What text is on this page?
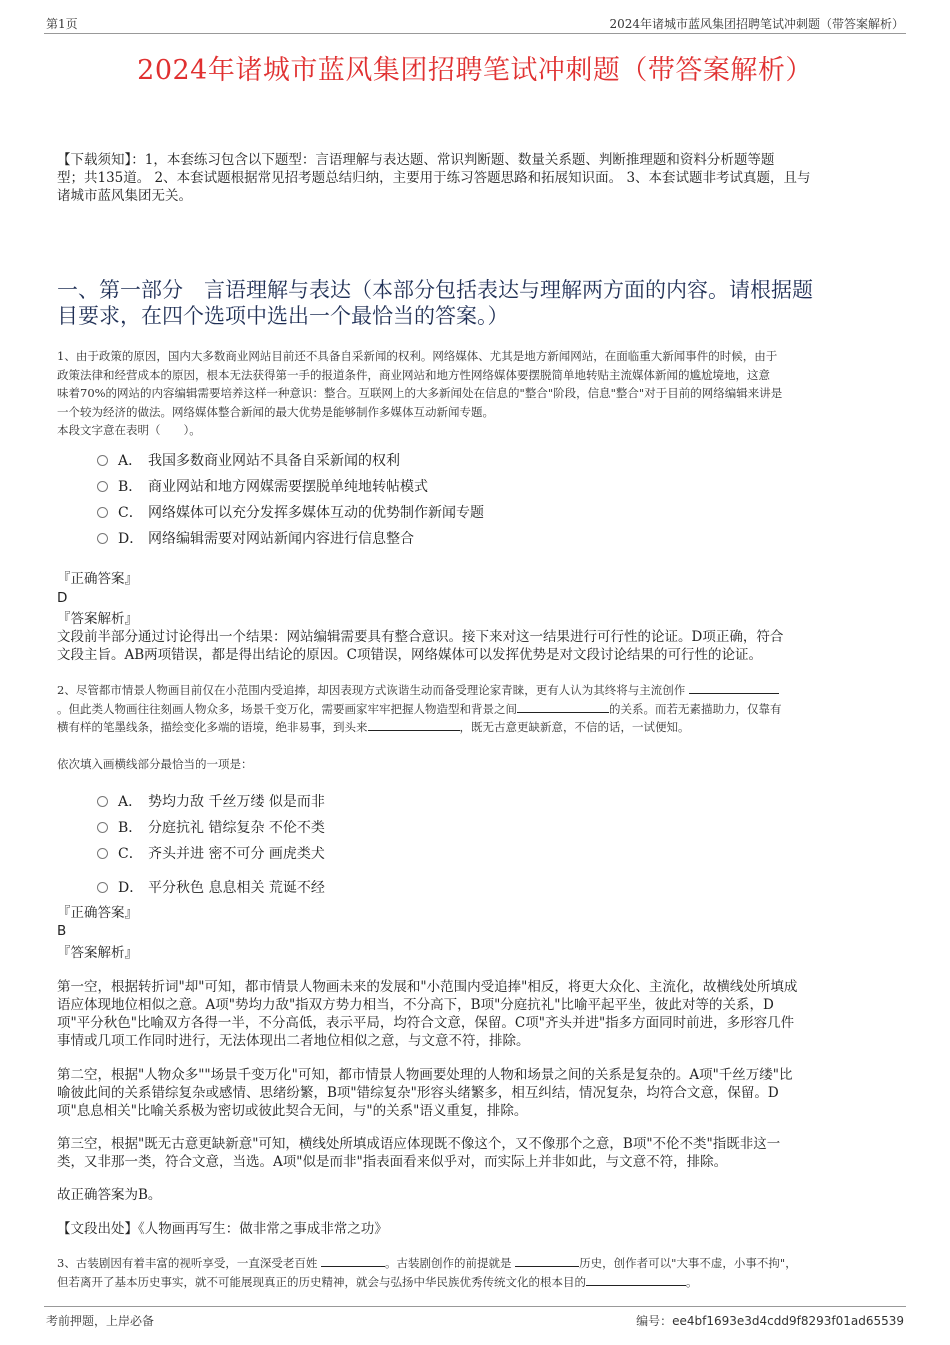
第1页	2024年诸城市蓝风集团招聘笔试冲刺题（带答案解析）
2024年诸城市蓝风集团招聘笔试冲刺题（带答案解析）
【下载须知】：1，本套练习包含以下题型：言语理解与表达题、常识判断题、数量关系题、判断推理题和资料分析题等题
型；共135道。 2、本套试题根据常见招考题总结归纳，主要用于练习答题思路和拓展知识面。 3、本套试题非考试真题，且与
诸城市蓝风集团无关。
一、第一部分　言语理解与表达（本部分包括表达与理解两方面的内容。请根据题
目要求，在四个选项中选出一个最恰当的答案。）
1、由于政策的原因，国内大多数商业网站目前还不具备自采新闻的权利。网络媒体、尤其是地方新闻网站，在面临重大新闻事件的时候，由于
政策法律和经营成本的原因，根本无法获得第一手的报道条件，商业网站和地方性网络媒体要摆脱简单地转贴主流媒体新闻的尴尬境地，这意
味着70%的网站的内容编辑需要培养这样一种意识：整合。互联网上的大多新闻处在信息的"整合"阶段，信息"整合"对于目前的网络编辑来讲是
一个较为经济的做法。网络媒体整合新闻的最大优势是能够制作多媒体互动新闻专题。
本段文字意在表明（　　）。
A． 我国多数商业网站不具备自采新闻的权利
B． 商业网站和地方网媒需要摆脱单纯地转帖模式
C． 网络媒体可以充分发挥多媒体互动的优势制作新闻专题
D． 网络编辑需要对网站新闻内容进行信息整合
『正确答案』
D
『答案解析』
文段前半部分通过讨论得出一个结果：网站编辑需要具有整合意识。接下来对这一结果进行可行性的论证。D项正确，符合
文段主旨。AB两项错误，都是得出结论的原因。C项错误，网络媒体可以发挥优势是对文段讨论结果的可行性的论证。
2、尽管都市情景人物画目前仅在小范围内受追捧，却因表现方式诙谐生动而备受理论家青睐，更有人认为其终将与主流创作
。但此类人物画往往刻画人物众多，场景千变万化，需要画家牢牢把握人物造型和背景之间	的关系。而若无素描助力，仅靠有
横有样的笔墨线条，描绘变化多端的语境，绝非易事，到头来	，既无古意更缺新意，不信的话，一试便知。
依次填入画横线部分最恰当的一项是：
A． 势均力敌 千丝万缕 似是而非
B． 分庭抗礼 错综复杂 不伦不类
C． 齐头并进 密不可分 画虎类犬
D． 平分秋色 息息相关 荒诞不经
『正确答案』
B
『答案解析』
第一空，根据转折词"却"可知，都市情景人物画未来的发展和"小范围内受追捧"相反，将更大众化、主流化，故横线处所填成
语应体现地位相似之意。A项"势均力敌"指双方势力相当，不分高下，B项"分庭抗礼"比喻平起平坐，彼此对等的关系，D
项"平分秋色"比喻双方各得一半，不分高低，表示平局，均符合文意，保留。C项"齐头并进"指多方面同时前进，多形容几件
事情或几项工作同时进行，无法体现出二者地位相似之意，与文意不符，排除。
第二空，根据"人物众多""场景千变万化"可知，都市情景人物画要处理的人物和场景之间的关系是复杂的。A项"千丝万缕"比
喻彼此间的关系错综复杂或感情、思绪纷繁，B项"错综复杂"形容头绪繁多，相互纠结，情况复杂，均符合文意，保留。D
项"息息相关"比喻关系极为密切或彼此契合无间，与"的关系"语义重复，排除。
第三空，根据"既无古意更缺新意"可知，横线处所填成语应体现既不像这个，又不像那个之意，B项"不伦不类"指既非这一
类，又非那一类，符合文意，当选。A项"似是而非"指表面看来似乎对，而实际上并非如此，与文意不符，排除。
故正确答案为B。
【文段出处】《人物画再写生：做非常之事成非常之功》
3、古装剧因有着丰富的视听享受，一直深受老百姓	。古装剧创作的前提就是	历史，创作者可以"大事不虚，小事不拘"，
但若离开了基本历史事实，就不可能展现真正的历史精神，就会与弘扬中华民族优秀传统文化的根本目的	。
考前押题，上岸必备	编号：ee4bf1693e3d4cdd9f8293f01ad65539
